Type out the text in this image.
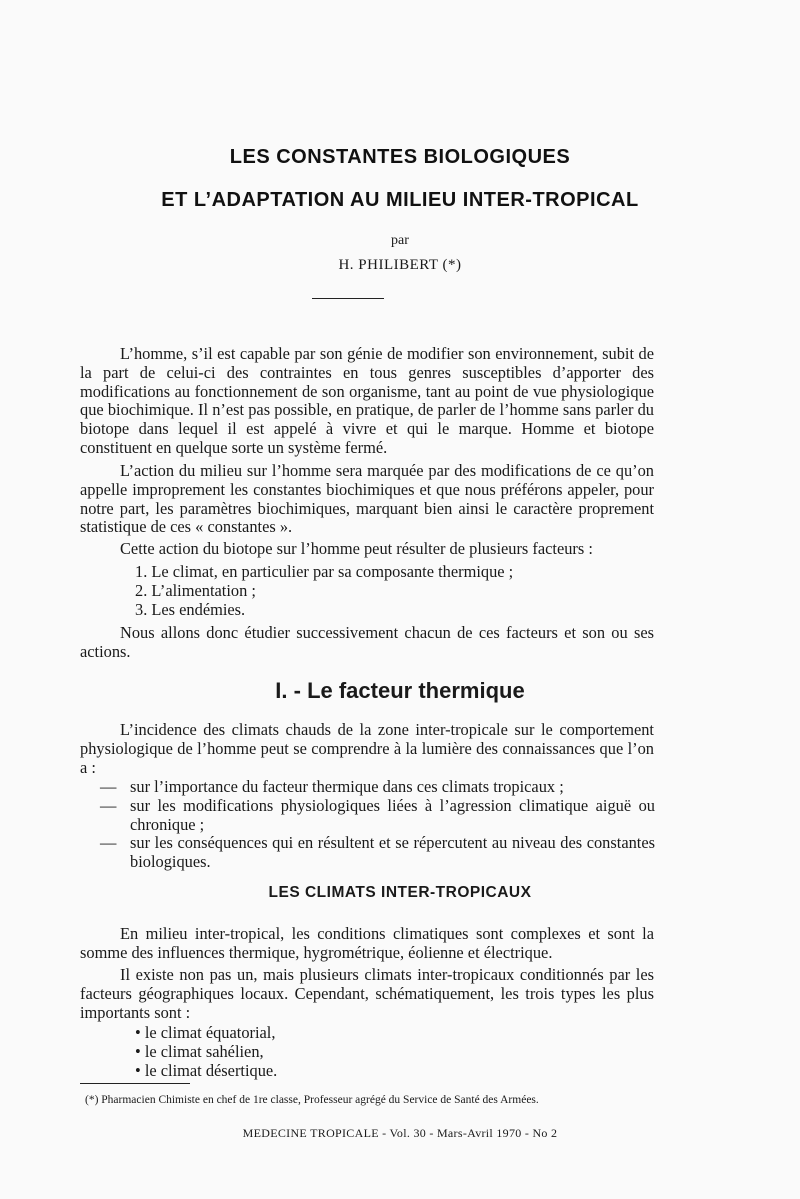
LES CONSTANTES BIOLOGIQUES
ET L’ADAPTATION AU MILIEU INTER-TROPICAL
par
H. PHILIBERT (*)

L’homme, s’il est capable par son génie de modifier son environnement, subit de la part de celui-ci des contraintes en tous genres susceptibles d’apporter des modifications au fonctionnement de son organisme, tant au point de vue physiologique que biochimique. Il n’est pas possible, en pratique, de parler de l’homme sans parler du biotope dans lequel il est appelé à vivre et qui le marque. Homme et biotope constituent en quelque sorte un système fermé.

L’action du milieu sur l’homme sera marquée par des modifications de ce qu’on appelle improprement les constantes biochimiques et que nous préférons appeler, pour notre part, les paramètres biochimiques, marquant bien ainsi le caractère proprement statistique de ces « constantes ».

Cette action du biotope sur l’homme peut résulter de plusieurs facteurs :

1. Le climat, en particulier par sa composante thermique ;
2. L’alimentation ;
3. Les endémies.

Nous allons donc étudier successivement chacun de ces facteurs et son ou ses actions.

I. - Le facteur thermique

L’incidence des climats chauds de la zone inter-tropicale sur le comportement physiologique de l’homme peut se comprendre à la lumière des connaissances que l’on a :

— sur l’importance du facteur thermique dans ces climats tropicaux ;
— sur les modifications physiologiques liées à l’agression climatique aiguë ou chronique ;
— sur les conséquences qui en résultent et se répercutent au niveau des constantes biologiques.
LES CLIMATS INTER-TROPICAUX

En milieu inter-tropical, les conditions climatiques sont complexes et sont la somme des influences thermique, hygrométrique, éolienne et électrique.

Il existe non pas un, mais plusieurs climats inter-tropicaux conditionnés par les facteurs géographiques locaux. Cependant, schématiquement, les trois types les plus importants sont :

• le climat équatorial,
• le climat sahélien,
• le climat désertique.
(*) Pharmacien Chimiste en chef de 1re classe, Professeur agrégé du Service de Santé des Armées.
MEDECINE TROPICALE - Vol. 30 - Mars-Avril 1970 - No 2
